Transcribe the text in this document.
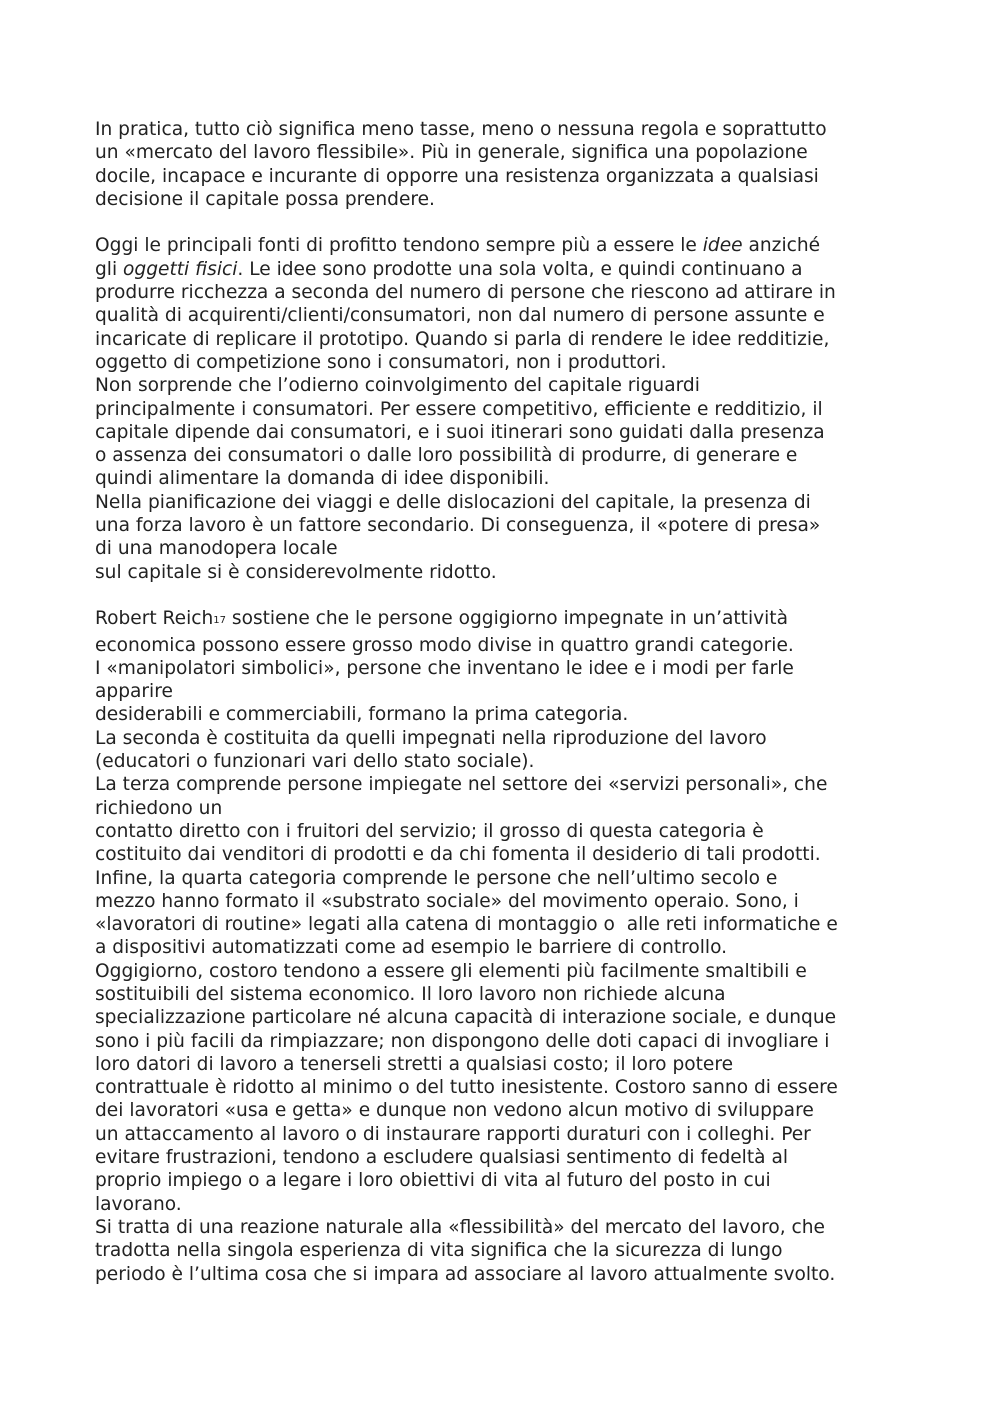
In pratica, tutto ciò significa meno tasse, meno o nessuna regola e soprattutto
un «mercato del lavoro flessibile». Più in generale, significa una popolazione
docile, incapace e incurante di opporre una resistenza organizzata a qualsiasi
decisione il capitale possa prendere.
Oggi le principali fonti di profitto tendono sempre più a essere le idee anziché
gli oggetti fisici. Le idee sono prodotte una sola volta, e quindi continuano a
produrre ricchezza a seconda del numero di persone che riescono ad attirare in
qualità di acquirenti/clienti/consumatori, non dal numero di persone assunte e
incaricate di replicare il prototipo. Quando si parla di rendere le idee redditizie,
oggetto di competizione sono i consumatori, non i produttori.
Non sorprende che l’odierno coinvolgimento del capitale riguardi
principalmente i consumatori. Per essere competitivo, efficiente e redditizio, il
capitale dipende dai consumatori, e i suoi itinerari sono guidati dalla presenza
o assenza dei consumatori o dalle loro possibilità di produrre, di generare e
quindi alimentare la domanda di idee disponibili.
Nella pianificazione dei viaggi e delle dislocazioni del capitale, la presenza di
una forza lavoro è un fattore secondario. Di conseguenza, il «potere di presa»
di una manodopera locale
sul capitale si è considerevolmente ridotto.
Robert Reich17 sostiene che le persone oggigiorno impegnate in un’attività
economica possono essere grosso modo divise in quattro grandi categorie.
I «manipolatori simbolici», persone che inventano le idee e i modi per farle
apparire
desiderabili e commerciabili, formano la prima categoria.
La seconda è costituita da quelli impegnati nella riproduzione del lavoro
(educatori o funzionari vari dello stato sociale).
La terza comprende persone impiegate nel settore dei «servizi personali», che
richiedono un
contatto diretto con i fruitori del servizio; il grosso di questa categoria è
costituito dai venditori di prodotti e da chi fomenta il desiderio di tali prodotti.
Infine, la quarta categoria comprende le persone che nell’ultimo secolo e
mezzo hanno formato il «substrato sociale» del movimento operaio. Sono, i
«lavoratori di routine» legati alla catena di montaggio o  alle reti informatiche e
a dispositivi automatizzati come ad esempio le barriere di controllo.
Oggigiorno, costoro tendono a essere gli elementi più facilmente smaltibili e
sostituibili del sistema economico. Il loro lavoro non richiede alcuna
specializzazione particolare né alcuna capacità di interazione sociale, e dunque
sono i più facili da rimpiazzare; non dispongono delle doti capaci di invogliare i
loro datori di lavoro a tenerseli stretti a qualsiasi costo; il loro potere
contrattuale è ridotto al minimo o del tutto inesistente. Costoro sanno di essere
dei lavoratori «usa e getta» e dunque non vedono alcun motivo di sviluppare
un attaccamento al lavoro o di instaurare rapporti duraturi con i colleghi. Per
evitare frustrazioni, tendono a escludere qualsiasi sentimento di fedeltà al
proprio impiego o a legare i loro obiettivi di vita al futuro del posto in cui
lavorano.
Si tratta di una reazione naturale alla «flessibilità» del mercato del lavoro, che
tradotta nella singola esperienza di vita significa che la sicurezza di lungo
periodo è l’ultima cosa che si impara ad associare al lavoro attualmente svolto.
